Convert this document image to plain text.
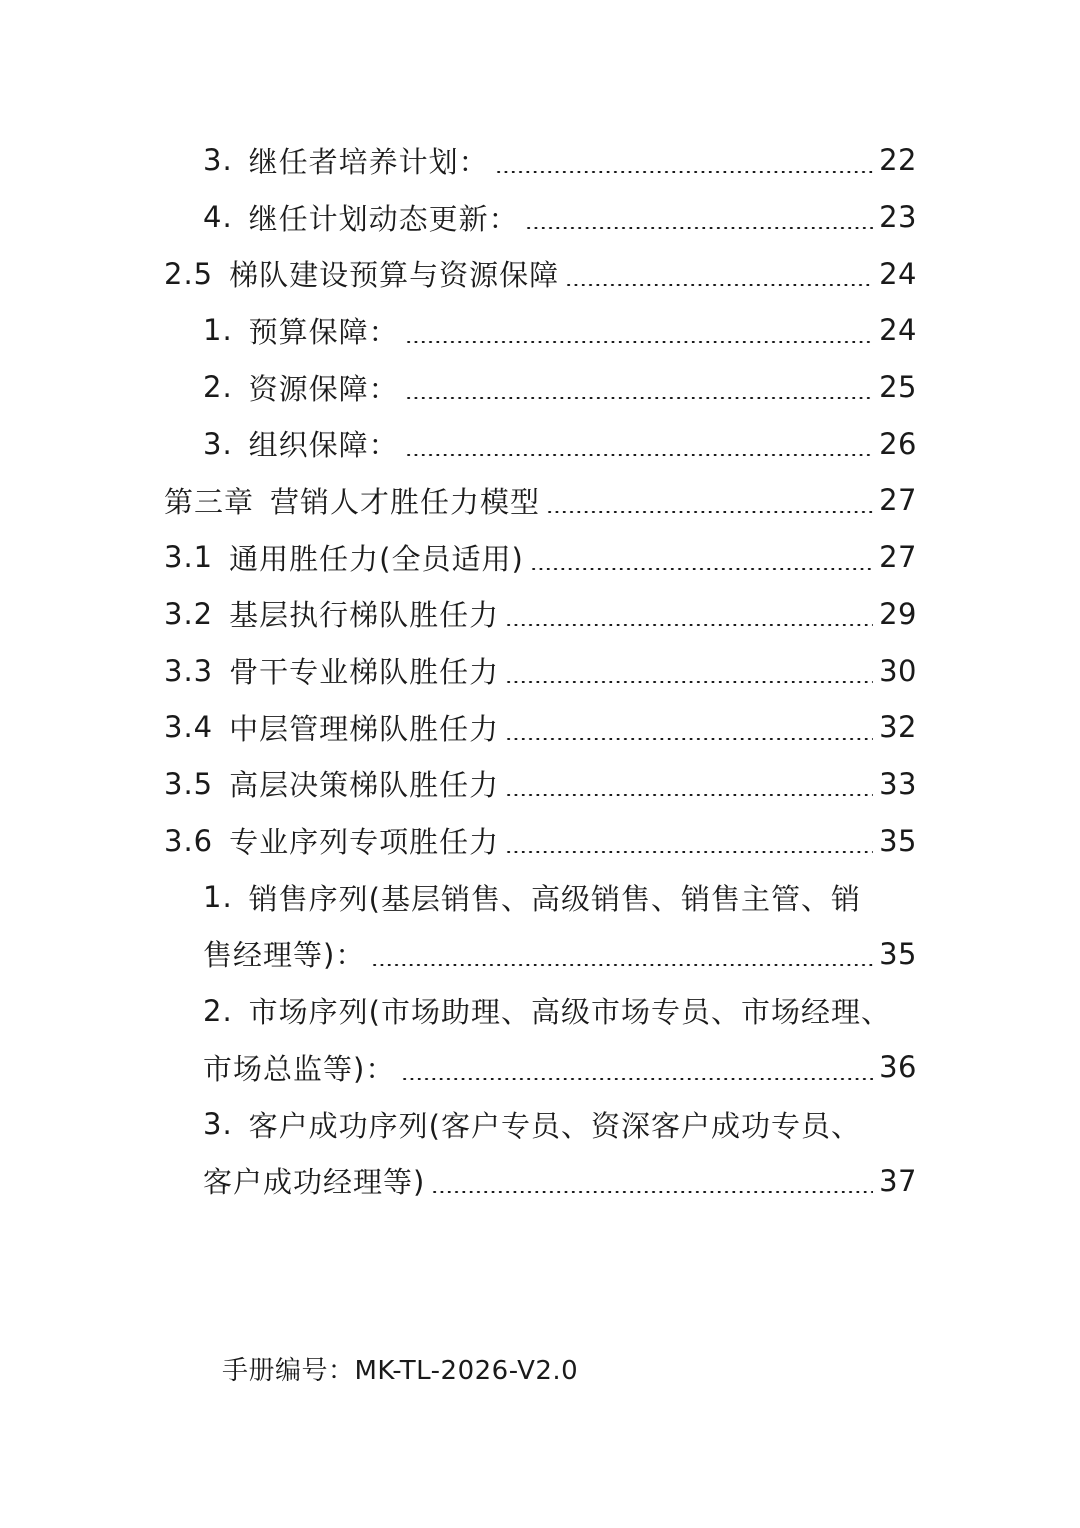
3. 继任者培养计划：	22
4. 继任计划动态更新：	23
2.5 梯队建设预算与资源保障	24
1. 预算保障：	24
2. 资源保障：	25
3. 组织保障：	26
第三章 营销人才胜任力模型	27
3.1 通用胜任力(全员适用)	27
3.2 基层执行梯队胜任力	29
3.3 骨干专业梯队胜任力	30
3.4 中层管理梯队胜任力	32
3.5 高层决策梯队胜任力	33
3.6 专业序列专项胜任力	35
1. 销售序列(基层销售、高级销售、销售主管、销
售经理等)：	35
2. 市场序列(市场助理、高级市场专员、市场经理、
市场总监等)：	36
3. 客户成功序列(客户专员、资深客户成功专员、
客户成功经理等)	37
手册编号：MK-TL-2026-V2.0
